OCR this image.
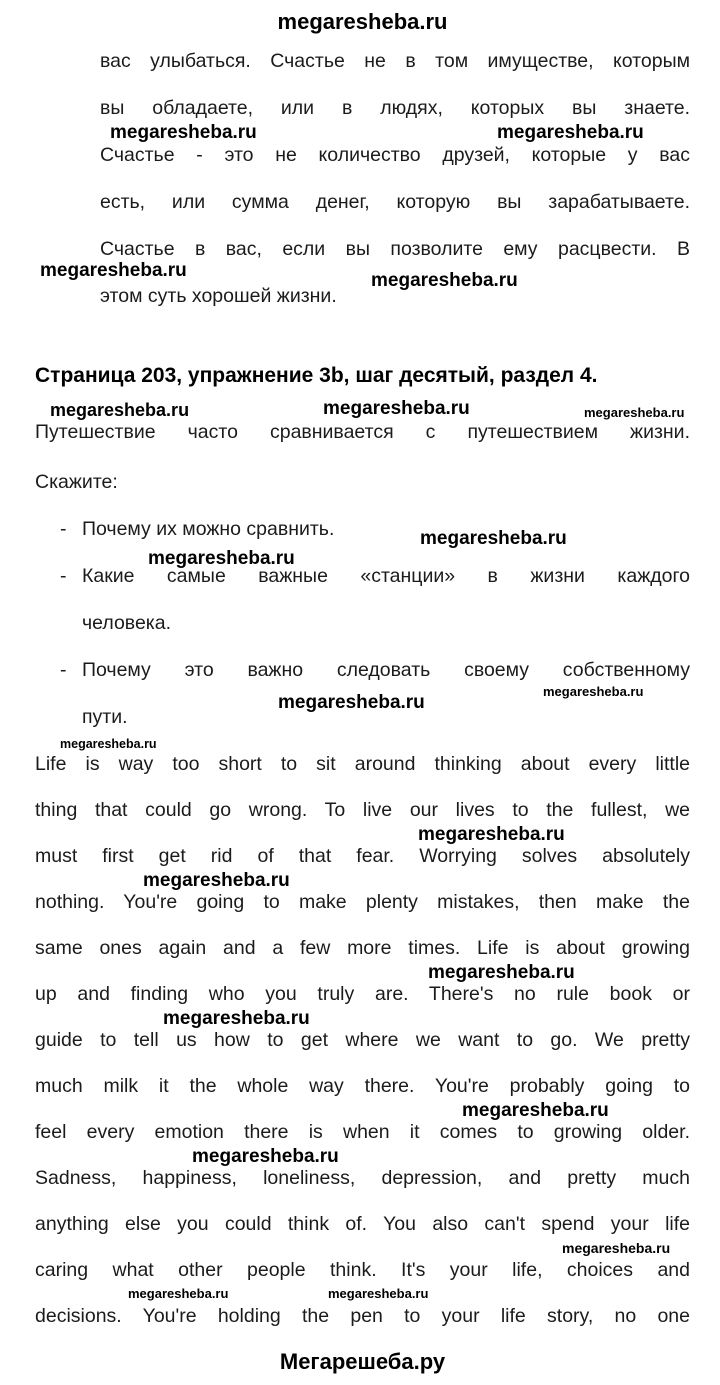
megaresheba.ru
вас улыбаться. Счастье не в том имуществе, которым
вы обладаете, или в людях, которых вы знаете.
Счастье - это не количество друзей, которые у вас
есть, или сумма денег, которую вы зарабатываете.
Счастье в вас, если вы позволите ему расцвести. В
этом суть хорошей жизни.
Страница 203, упражнение 3b, шаг десятый, раздел 4.
Путешествие часто сравнивается с путешествием жизни.
Скажите:
- Почему их можно сравнить.
- Какие самые важные «станции» в жизни каждого
человека.
- Почему это важно следовать своему собственному
пути.
Life is way too short to sit around thinking about every little
thing that could go wrong. To live our lives to the fullest, we
must first get rid of that fear. Worrying solves absolutely
nothing. You're going to make plenty mistakes, then make the
same ones again and a few more times. Life is about growing
up and finding who you truly are. There's no rule book or
guide to tell us how to get where we want to go. We pretty
much milk it the whole way there. You're probably going to
feel every emotion there is when it comes to growing older.
Sadness, happiness, loneliness, depression, and pretty much
anything else you could think of. You also can't spend your life
caring what other people think. It's your life, choices and
decisions. You're holding the pen to your life story, no one
Мегарешеба.ру
megaresheba.ru	megaresheba.ru
megaresheba.ru	megaresheba.ru
megaresheba.ru	megaresheba.ru	megaresheba.ru
megaresheba.ru
megaresheba.ru
megaresheba.ru
megaresheba.ru
megaresheba.ru
megaresheba.ru
megaresheba.ru
megaresheba.ru
megaresheba.ru
megaresheba.ru
megaresheba.ru
megaresheba.ru
megaresheba.ru	megaresheba.ru
